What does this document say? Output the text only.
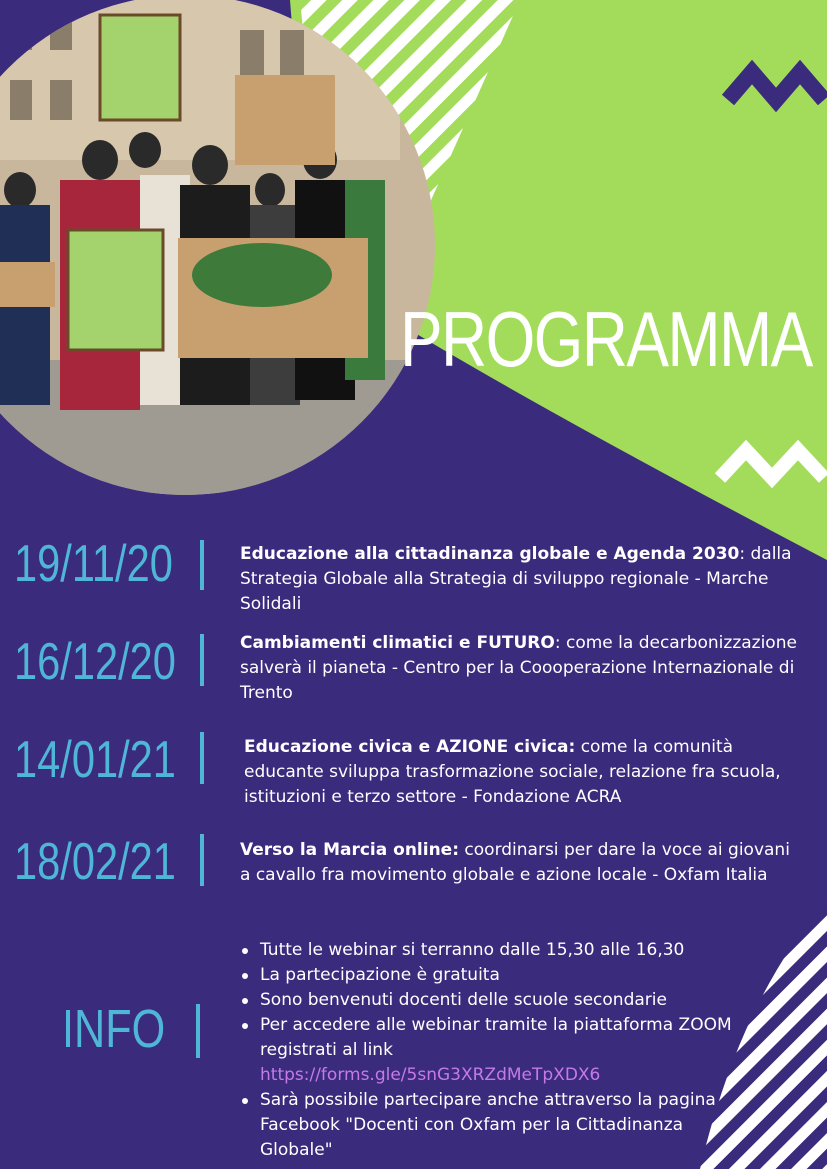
PROGRAMMA
19/11/20	Educazione alla cittadinanza globale e Agenda 2030: dalla Strategia Globale alla Strategia di sviluppo regionale - Marche Solidali
16/12/20	Cambiamenti climatici e FUTURO: come la decarbonizzazione salverà il pianeta - Centro per la Coooperazione Internazionale di Trento
14/01/21	Educazione civica e AZIONE civica: come la comunità educante sviluppa trasformazione sociale, relazione fra scuola, istituzioni e terzo settore - Fondazione ACRA
18/02/21	Verso la Marcia online: coordinarsi per dare la voce ai giovani a cavallo fra movimento globale e azione locale - Oxfam Italia
INFO
Tutte le webinar si terranno dalle 15,30 alle 16,30
La partecipazione è gratuita
Sono benvenuti docenti delle scuole secondarie
Per accedere alle webinar tramite la piattaforma ZOOM registrati al link
https://forms.gle/5snG3XRZdMeTpXDX6
Sarà possibile partecipare anche attraverso la pagina Facebook "Docenti con Oxfam per la Cittadinanza Globale"
